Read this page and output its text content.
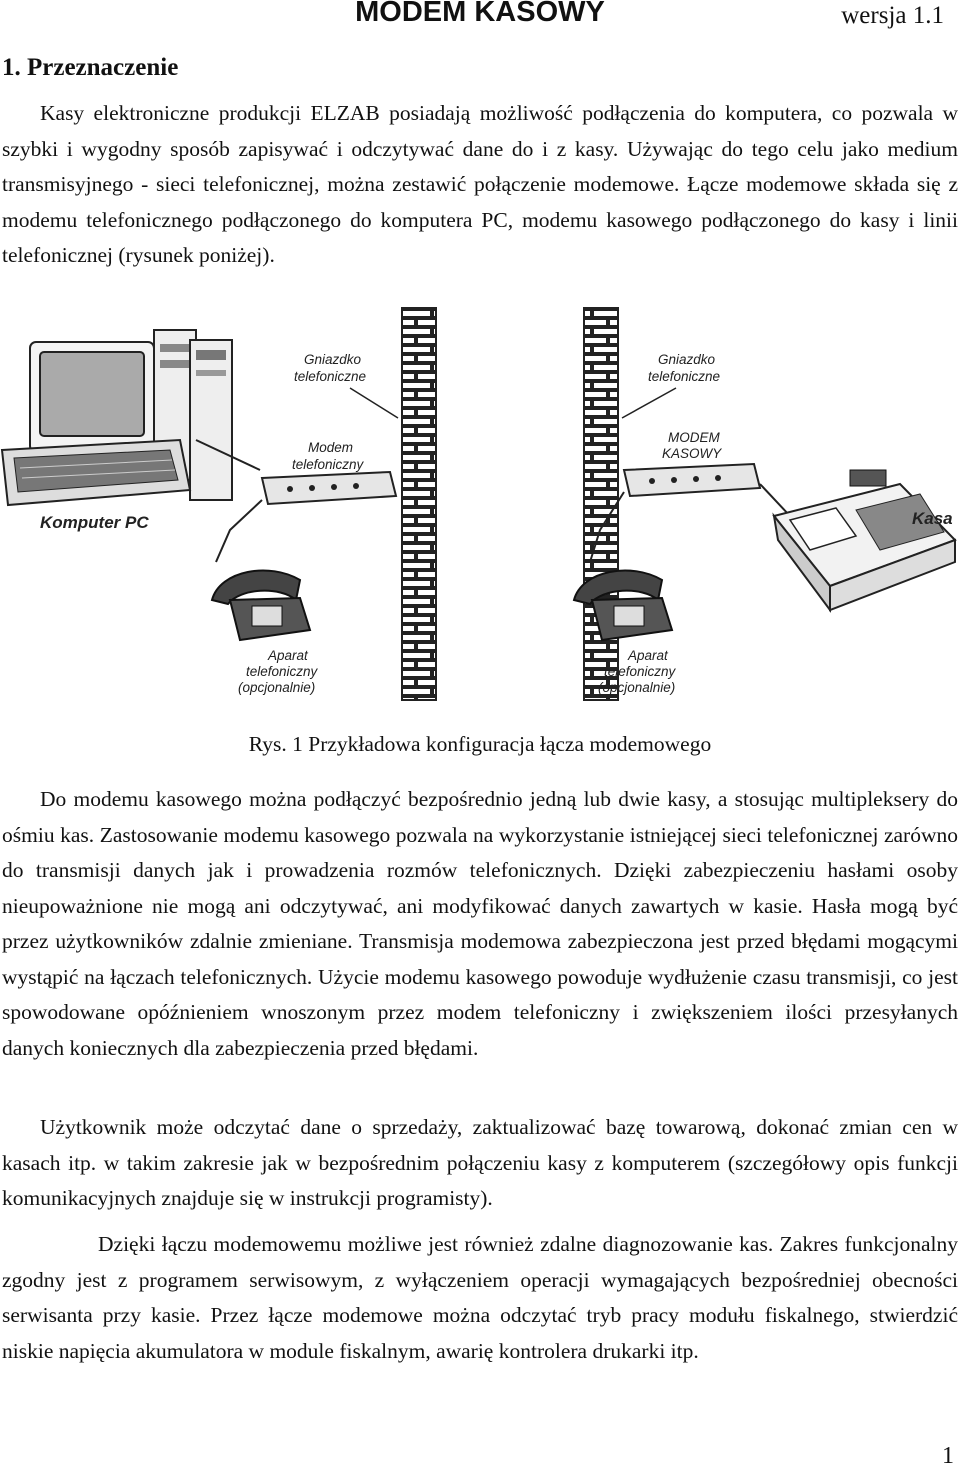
MODEM KASOWY	wersja 1.1
1. Przeznaczenie

Kasy elektroniczne produkcji ELZAB posiadają możliwość podłączenia do komputera, co pozwala w szybki i wygodny sposób zapisywać i odczytywać dane do i z kasy. Używając do tego celu jako medium transmisyjnego - sieci telefonicznej, można zestawić połączenie modemowe. Łącze modemowe składa się z modemu telefonicznego podłączonego do komputera PC, modemu kasowego podłączonego do kasy i linii telefonicznej (rysunek poniżej).

Komputer PC
Gniazdko
telefoniczne
Modem
telefoniczny
Aparat
telefoniczny
(opcjonalnie)
Gniazdko
telefoniczne
MODEM
KASOWY
Kasa
Aparat
telefoniczny
(opcjonalnie)
Rys. 1 Przykładowa konfiguracja łącza modemowego

Do modemu kasowego można podłączyć bezpośrednio jedną lub dwie kasy, a stosując multipleksery do ośmiu kas. Zastosowanie modemu kasowego pozwala na wykorzystanie istniejącej sieci telefonicznej zarówno do transmisji danych jak i prowadzenia rozmów telefonicznych. Dzięki zabezpieczeniu hasłami osoby nieupoważnione nie mogą ani odczytywać, ani modyfikować danych zawartych w kasie. Hasła mogą być przez użytkowników zdalnie zmieniane. Transmisja modemowa zabezpieczona jest przed błędami mogącymi wystąpić na łączach telefonicznych. Użycie modemu kasowego powoduje wydłużenie czasu transmisji, co jest spowodowane opóźnieniem wnoszonym przez modem telefoniczny i zwiększeniem ilości przesyłanych danych koniecznych dla zabezpieczenia przed błędami.

Użytkownik może odczytać dane o sprzedaży, zaktualizować bazę towarową, dokonać zmian cen w kasach itp. w takim zakresie jak w bezpośrednim połączeniu kasy z komputerem (szczegółowy opis funkcji komunikacyjnych znajduje się w instrukcji programisty).

Dzięki łączu modemowemu możliwe jest również zdalne diagnozowanie kas. Zakres funkcjonalny zgodny jest z programem serwisowym, z wyłączeniem operacji wymagających bezpośredniej obecności serwisanta przy kasie. Przez łącze modemowe można odczytać tryb pracy modułu fiskalnego, stwierdzić niskie napięcia akumulatora w module fiskalnym, awarię kontrolera drukarki itp.

1
